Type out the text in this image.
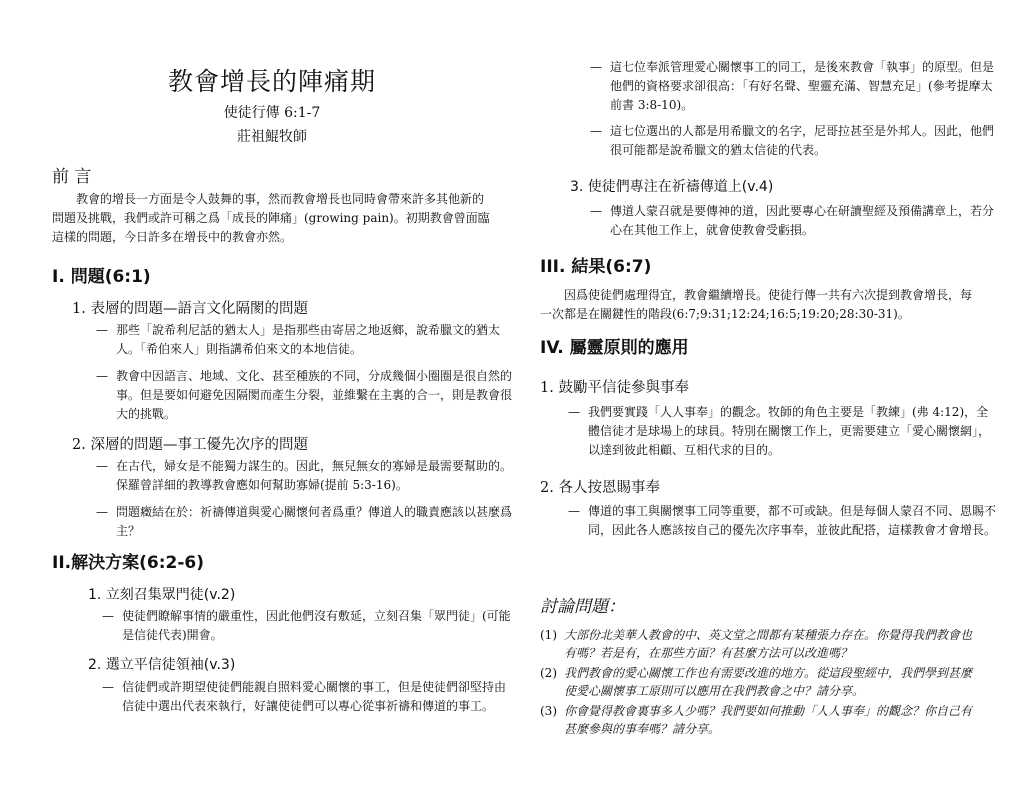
教會增長的陣痛期
使徒行傳 6:1-7
莊祖鯤牧師
前 言

教會的增長一方面是令人鼓舞的事，然而教會增長也同時會帶來許多其他新的問題及挑戰，我們或許可稱之爲「成長的陣痛」(growing pain)。初期教會曾面臨這樣的問題，今日許多在增長中的教會亦然。

I. 問題(6:1)
1. 表層的問題—語言文化隔閡的問題

— 那些「說希利尼話的猶太人」是指那些由寄居之地返鄉，說希臘文的猶太人。「希伯來人」則指講希伯來文的本地信徒。

— 教會中因語言、地域、文化、甚至種族的不同，分成幾個小圈圈是很自然的事。但是要如何避免因隔閡而產生分裂，並維繫在主裏的合一，則是教會很大的挑戰。

2. 深層的問題—事工優先次序的問題

— 在古代，婦女是不能獨力謀生的。因此，無兒無女的寡婦是最需要幫助的。保羅曾詳細的教導教會應如何幫助寡婦(提前 5:3-16)。

— 問題癥結在於：祈禱傳道與愛心關懷何者爲重？傳道人的職責應該以甚麼爲主？

II.解決方案(6:2-6)
1. 立刻召集眾門徒(v.2)

— 使徒們瞭解事情的嚴重性，因此他們沒有敷延，立刻召集「眾門徒」(可能是信徒代表)開會。

2. 選立平信徒領袖(v.3)

— 信徒們或許期望使徒們能親自照料愛心關懷的事工，但是使徒們卻堅持由信徒中選出代表來執行，好讓使徒們可以專心從事祈禱和傳道的事工。

— 這七位奉派管理愛心關懷事工的同工，是後來教會「執事」的原型。但是他們的資格要求卻很高：「有好名聲、聖靈充滿、智慧充足」(參考提摩太前書 3:8-10)。

— 這七位選出的人都是用希臘文的名字，尼哥拉甚至是外邦人。因此，他們很可能都是說希臘文的猶太信徒的代表。

3. 使徒們專注在祈禱傳道上(v.4)

— 傳道人蒙召就是要傳神的道，因此要專心在研讀聖經及預備講章上，若分心在其他工作上，就會使教會受虧損。

III. 結果(6:7)

因爲使徒們處理得宜，教會繼續增長。使徒行傳一共有六次提到教會增長，每一次都是在關鍵性的階段(6:7;9:31;12:24;16:5;19:20;28:30-31)。

IV. 屬靈原則的應用
1. 鼓勵平信徒參與事奉

— 我們要實踐「人人事奉」的觀念。牧師的角色主要是「教練」(弗 4:12)，全體信徒才是球場上的球員。特別在關懷工作上，更需要建立「愛心關懷網」，以達到彼此相顧、互相代求的目的。

2. 各人按恩賜事奉

— 傳道的事工與關懷事工同等重要，都不可或缺。但是每個人蒙召不同、恩賜不同，因此各人應該按自己的優先次序事奉，並彼此配搭，這樣教會才會增長。

討論問題：

(1) 大部份北美華人教會的中、英文堂之間都有某種張力存在。你覺得我們教會也有嗎？若是有，在那些方面？有甚麼方法可以改進嗎？

(2) 我們教會的愛心關懷工作也有需要改進的地方。從這段聖經中，我們學到甚麼使愛心關懷事工原則可以應用在我們教會之中？請分享。

(3) 你會覺得教會裏事多人少嗎？我們要如何推動「人人事奉」的觀念？你自己有甚麼參與的事奉嗎？請分享。
